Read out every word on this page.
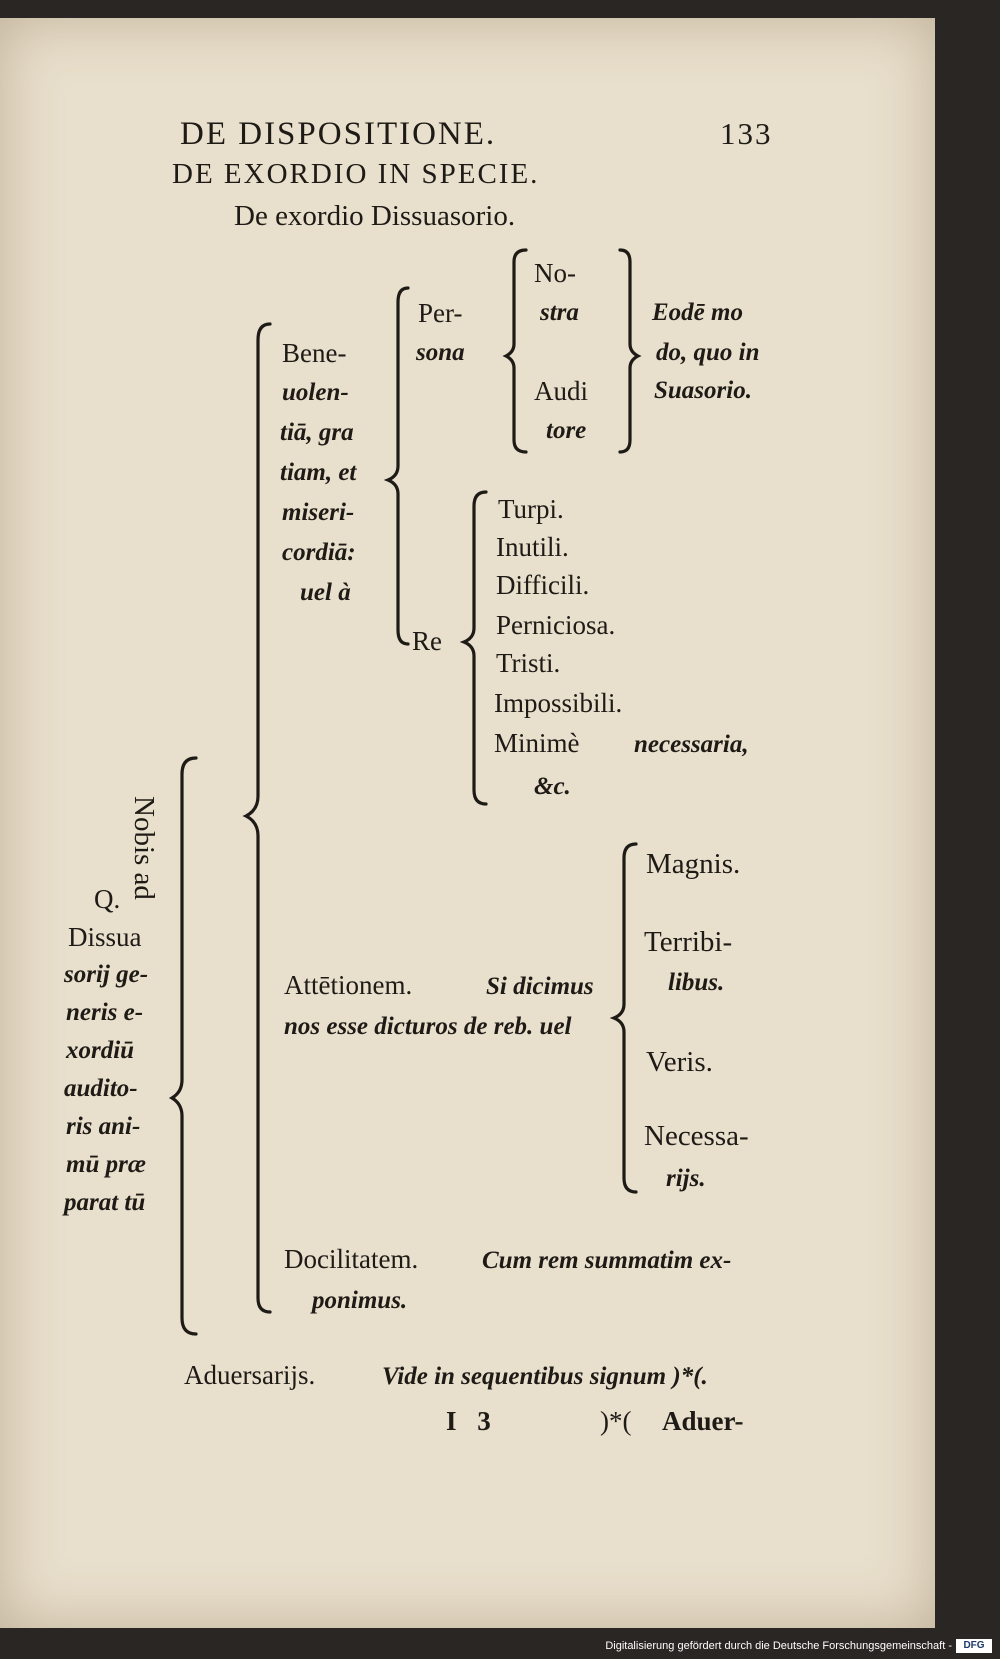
DE DISPOSITIONE.	133
DE EXORDIO IN SPECIE.
De exordio Dissuasorio.
Q.
Dissua
sorij ge-
neris e-
xordiū
audito-
ris ani-
mū præ
parat tū
Nobis ad
Bene-
uolen-
tiā, gra
tiam, et
miseri-
cordiā:
uel à
Per-
sona
No-
stra
Audi
tore
Eodē mo
do, quo in
Suasorio.
Re
Turpi.
Inutili.
Difficili.
Perniciosa.
Tristi.
Impossibili.
Minimè necessaria,
&c.
Attētionem.	Si dicimus
nos esse dicturos de reb. uel
Magnis.
Terribi-
libus.
Veris.
Necessa-
rijs.
Docilitatem.	Cum rem summatim ex-
ponimus.
Aduersarijs.	Vide in sequentibus signum )*(.
I 3	)*( Aduer-
Digitalisierung gefördert durch die Deutsche Forschungsgemeinschaft -	DFG
